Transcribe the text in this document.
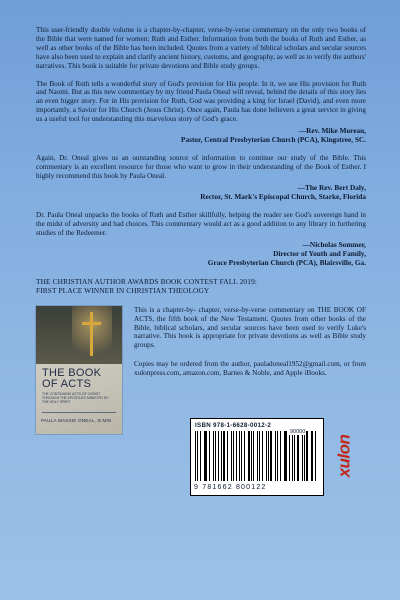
This user-friendly double volume is a chapter-by-chapter, verse-by-verse commentary on the only two books of the Bible that were named for women: Ruth and Esther. Information from both the books of Ruth and Esther, as well as other books of the Bible has been included. Quotes from a variety of biblical scholars and secular sources have also been used to explain and clarify ancient history, customs, and geography, as well as to verify the authors' narratives. This book is suitable for private devotions and Bible study groups.

The Book of Ruth tells a wonderful story of God's provision for His people. In it, we see His provision for Ruth and Naomi. But as this new commentary by my friend Paula Oneal will reveal, behind the details of this story lies an even bigger story. For in His provision for Ruth, God was providing a king for Israel (David), and even more importantly, a Savior for His Church (Jesus Christ). Once again, Paula has done believers a great service in giving us a useful tool for understanding this marvelous story of God's grace.

—Rev. Mike Moreau,
Pastor, Central Presbyterian Church (PCA), Kingstree, SC.

Again, Dr. Oneal gives us an outstanding source of information to continue our study of the Bible. This commentary is an excellent resource for those who want to grow in their understanding of the Book of Esther. I highly recommend this book by Paula Oneal.

—The Rev. Bert Daly,
Rector, St. Mark's Episcopal Church, Starke, Florida

Dr. Paula Oneal unpacks the books of Ruth and Esther skillfully, helping the reader see God's sovereign hand in the midst of adversity and bad choices. This commentary would act as a good addition to any library in furthering studies of the Redeemer.

—Nicholas Sommer,
Director of Youth and Family,
Grace Presbyterian Church (PCA), Blairsville, Ga.
THE CHRISTIAN AUTHOR AWARDS BOOK CONTEST FALL 2019:
FIRST PLACE WINNER IN CHRISTIAN THEOLOGY
THE BOOK
OF ACTS
THE CONTINUING ACTS OF CHRIST THROUGH THE APOSTLES' MINISTRY BY THE HOLY SPIRIT
PAULA MASSIE ONEAL, D.MIN

This is a chapter-by- chapter, verse-by-verse commentary on THE BOOK OF ACTS, the fifth book of the New Testament. Quotes from other books of the Bible, biblical scholars, and secular sources have been used to verify Luke's narrative. This book is appropriate for private devotions as well as Bible study groups.

Copies may be ordered from the author, pauladoneal1952@gmail.com, or from xulonpress.com, amazon.com, Barnes & Noble, and Apple iBooks.

ISBN 978-1-6628-0012-2
90000
9 781662 800122
xulon
